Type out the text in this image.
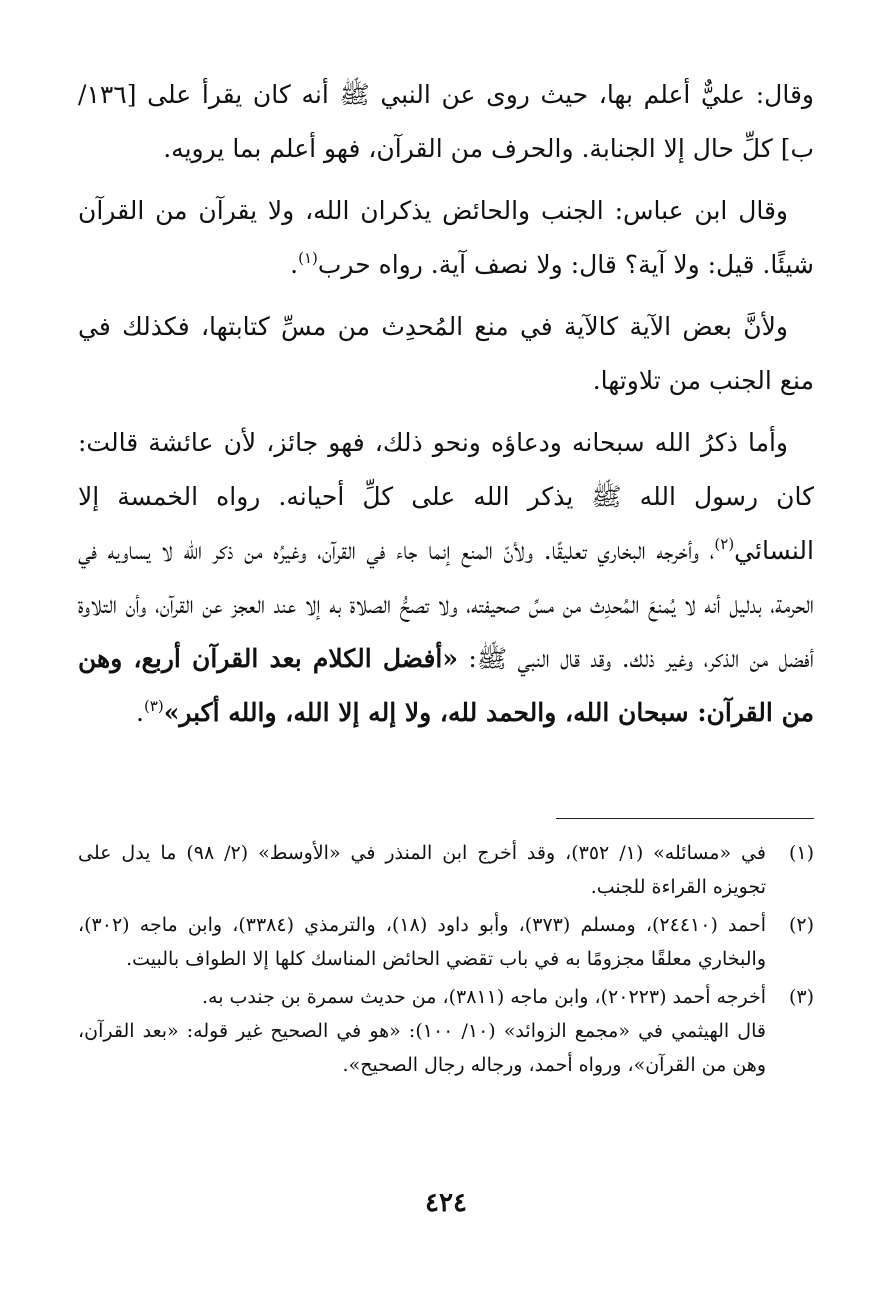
وقال: عليٌّ أعلم بها، حيث روى عن النبي ﷺ أنه كان يقرأ على [١٣٦/ ب] كلِّ حال إلا الجنابة. والحرف من القرآن، فهو أعلم بما يرويه.

وقال ابن عباس: الجنب والحائض يذكران الله، ولا يقرآن من القرآن شيئًا. قيل: ولا آية؟ قال: ولا نصف آية. رواه حرب$^{(١)}$.

ولأنَّ بعض الآية كالآية في منع المُحدِث من مسِّ كتابتها، فكذلك في منع الجنب من تلاوتها.

وأما ذكرُ الله سبحانه ودعاؤه ونحو ذلك، فهو جائز، لأن عائشة قالت: كان رسول الله ﷺ يذكر الله على كلِّ أحيانه. رواه الخمسة إلا النسائي$^{(٢)}$، وأخرجه البخاري تعليقًا. ولأنّ المنع إنما جاء في القرآن، وغيرُه من ذكر الله لا يساويه في الحرمة، بدليل أنه لا يُمنعَ المُحدِث من مسِّ صحيفته، ولا تصحُّ الصلاة به إلا عند العجز عن القرآن، وأن التلاوة أفضل من الذكر، وغير ذلك. وقد قال النبي ﷺ: «أفضل الكلام بعد القرآن أربع، وهن من القرآن: سبحان الله، والحمد لله، ولا إله إلا الله، والله أكبر»$^{(٣)}$.

(١)
في «مسائله» (١/ ٣٥٢)، وقد أخرج ابن المنذر في «الأوسط» (٢/ ٩٨) ما يدل على تجويزه القراءة للجنب.
(٢)
أحمد (٢٤٤١٠)، ومسلم (٣٧٣)، وأبو داود (١٨)، والترمذي (٣٣٨٤)، وابن ماجه (٣٠٢)، والبخاري معلقًا مجزومًا به في باب تقضي الحائض المناسك كلها إلا الطواف بالبيت.
(٣)
أخرجه أحمد (٢٠٢٢٣)، وابن ماجه (٣٨١١)، من حديث سمرة بن جندب به.
قال الهيثمي في «مجمع الزوائد» (١٠/ ١٠٠): «هو في الصحيح غير قوله: «بعد القرآن، وهن من القرآن»، ورواه أحمد، ورجاله رجال الصحيح».
٤٢٤
